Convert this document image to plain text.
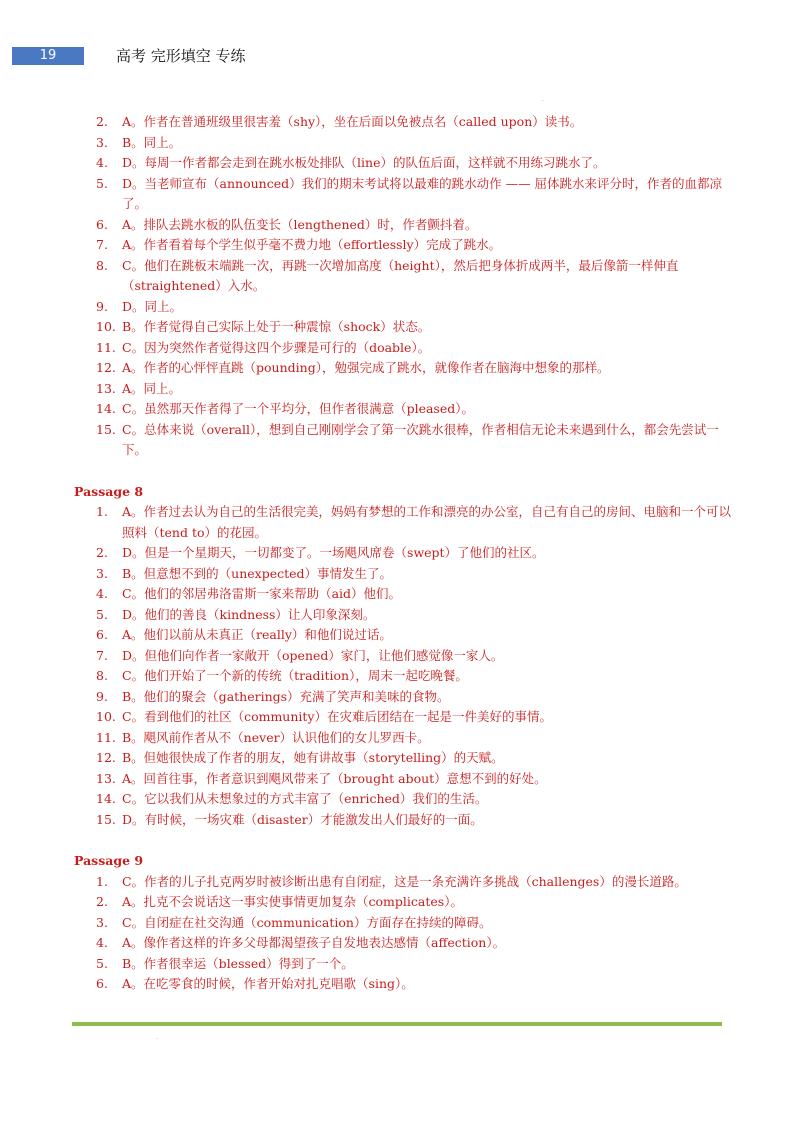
19	高考 完形填空 专练
.
2.	A。作者在普通班级里很害羞（shy），坐在后面以免被点名（called upon）读书。
3.	B。同上。
4.	D。每周一作者都会走到在跳水板处排队（line）的队伍后面，这样就不用练习跳水了。
5.	D。当老师宣布（announced）我们的期末考试将以最难的跳水动作 —— 屈体跳水来评分时，作者的血都凉了。
6.	A。排队去跳水板的队伍变长（lengthened）时，作者颤抖着。
7.	A。作者看着每个学生似乎毫不费力地（effortlessly）完成了跳水。
8.	C。他们在跳板末端跳一次，再跳一次增加高度（height），然后把身体折成两半，最后像箭一样伸直（straightened）入水。
9.	D。同上。
10. B。作者觉得自己实际上处于一种震惊（shock）状态。
11. C。因为突然作者觉得这四个步骤是可行的（doable）。
12. A。作者的心怦怦直跳（pounding），勉强完成了跳水，就像作者在脑海中想象的那样。
13. A。同上。
14. C。虽然那天作者得了一个平均分，但作者很满意（pleased）。
15. C。总体来说（overall），想到自己刚刚学会了第一次跳水很棒，作者相信无论未来遇到什么，都会先尝试一下。
Passage 8
1.	A。作者过去认为自己的生活很完美，妈妈有梦想的工作和漂亮的办公室，自己有自己的房间、电脑和一个可以照料（tend to）的花园。
2.	D。但是一个星期天，一切都变了。一场飓风席卷（swept）了他们的社区。
3.	B。但意想不到的（unexpected）事情发生了。
4.	C。他们的邻居弗洛雷斯一家来帮助（aid）他们。
5.	D。他们的善良（kindness）让人印象深刻。
6.	A。他们以前从未真正（really）和他们说过话。
7.	D。但他们向作者一家敞开（opened）家门，让他们感觉像一家人。
8.	C。他们开始了一个新的传统（tradition），周末一起吃晚餐。
9.	B。他们的聚会（gatherings）充满了笑声和美味的食物。
10. C。看到他们的社区（community）在灾难后团结在一起是一件美好的事情。
11. B。飓风前作者从不（never）认识他们的女儿罗西卡。
12. B。但她很快成了作者的朋友，她有讲故事（storytelling）的天赋。
13. A。回首往事，作者意识到飓风带来了（brought about）意想不到的好处。
14. C。它以我们从未想象过的方式丰富了（enriched）我们的生活。
15. D。有时候，一场灾难（disaster）才能激发出人们最好的一面。
Passage 9
1.	C。作者的儿子扎克两岁时被诊断出患有自闭症，这是一条充满许多挑战（challenges）的漫长道路。
2.	A。扎克不会说话这一事实使事情更加复杂（complicates）。
3.	C。自闭症在社交沟通（communication）方面存在持续的障碍。
4.	A。像作者这样的许多父母都渴望孩子自发地表达感情（affection）。
5.	B。作者很幸运（blessed）得到了一个。
6.	A。在吃零食的时候，作者开始对扎克唱歌（sing）。
.
